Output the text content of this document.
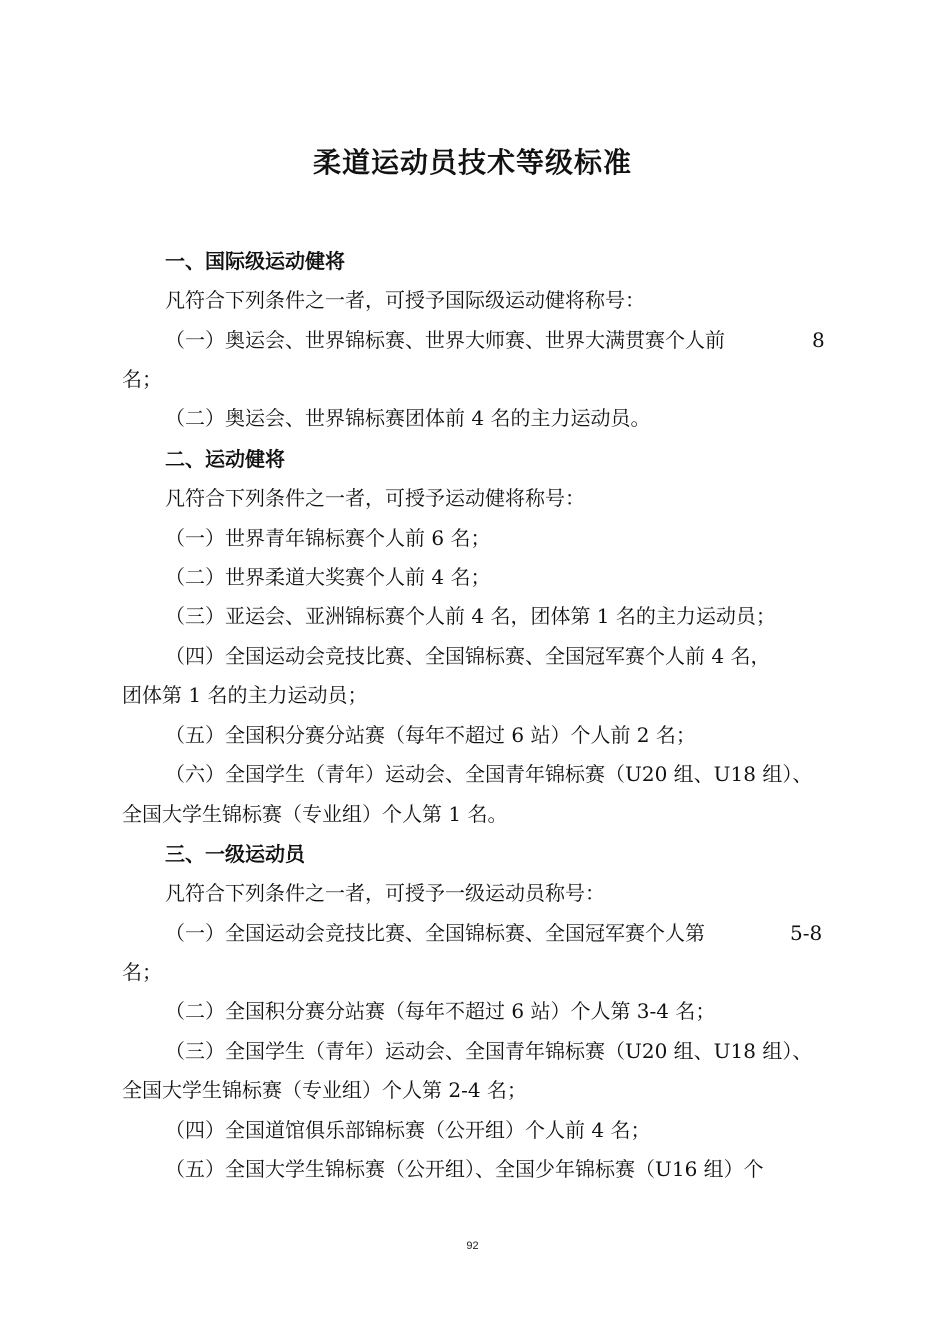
柔道运动员技术等级标准
一、国际级运动健将
凡符合下列条件之一者，可授予国际级运动健将称号：
（一）奥运会、世界锦标赛、世界大师赛、世界大满贯赛个人前	8
名；
（二）奥运会、世界锦标赛团体前 4 名的主力运动员。
二、运动健将
凡符合下列条件之一者，可授予运动健将称号：
（一）世界青年锦标赛个人前 6 名；
（二）世界柔道大奖赛个人前 4 名；
（三）亚运会、亚洲锦标赛个人前 4 名，团体第 1 名的主力运动员；
（四）全国运动会竞技比赛、全国锦标赛、全国冠军赛个人前 4 名，
团体第 1 名的主力运动员；
（五）全国积分赛分站赛（每年不超过 6 站）个人前 2 名；
（六）全国学生（青年）运动会、全国青年锦标赛（U20 组、U18 组）、
全国大学生锦标赛（专业组）个人第 1 名。
三、一级运动员
凡符合下列条件之一者，可授予一级运动员称号：
（一）全国运动会竞技比赛、全国锦标赛、全国冠军赛个人第	5-8
名；
（二）全国积分赛分站赛（每年不超过 6 站）个人第 3-4 名；
（三）全国学生（青年）运动会、全国青年锦标赛（U20 组、U18 组）、
全国大学生锦标赛（专业组）个人第 2-4 名；
（四）全国道馆俱乐部锦标赛（公开组）个人前 4 名；
（五）全国大学生锦标赛（公开组）、全国少年锦标赛（U16 组）个
92
